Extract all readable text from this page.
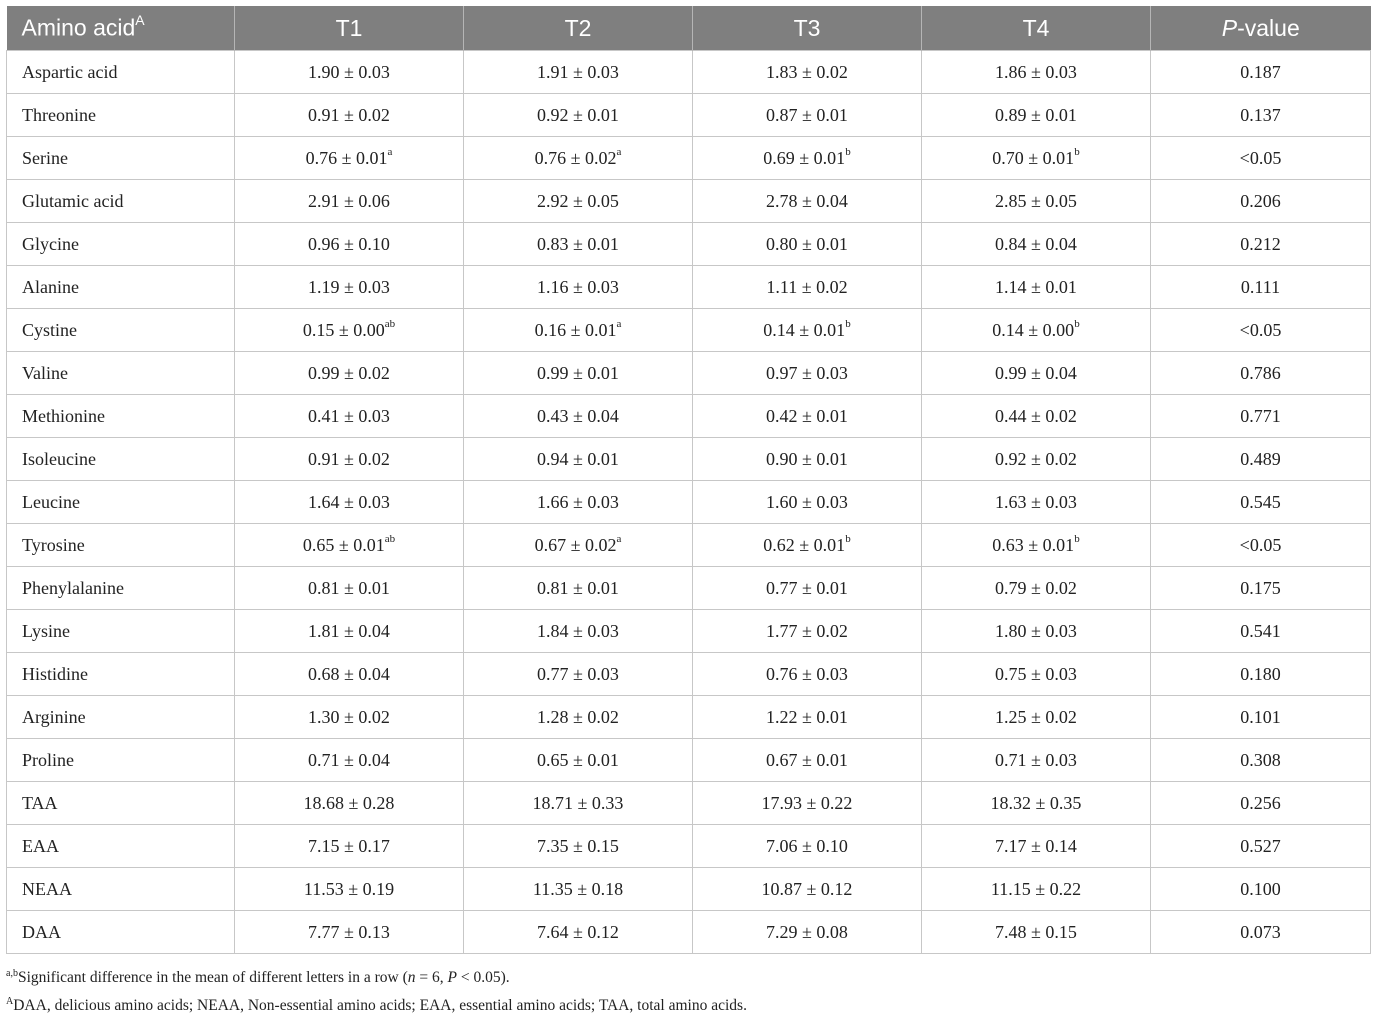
Amino acid$^A$	T1	T2	T3	T4	P-value
Aspartic acid	1.90 ± 0.03	1.91 ± 0.03	1.83 ± 0.02	1.86 ± 0.03	0.187
Threonine	0.91 ± 0.02	0.92 ± 0.01	0.87 ± 0.01	0.89 ± 0.01	0.137
Serine	0.76 ± 0.01$^a$	0.76 ± 0.02$^a$	0.69 ± 0.01$^b$	0.70 ± 0.01$^b$	<0.05
Glutamic acid	2.91 ± 0.06	2.92 ± 0.05	2.78 ± 0.04	2.85 ± 0.05	0.206
Glycine	0.96 ± 0.10	0.83 ± 0.01	0.80 ± 0.01	0.84 ± 0.04	0.212
Alanine	1.19 ± 0.03	1.16 ± 0.03	1.11 ± 0.02	1.14 ± 0.01	0.111
Cystine	0.15 ± 0.00$^{ab}$	0.16 ± 0.01$^a$	0.14 ± 0.01$^b$	0.14 ± 0.00$^b$	<0.05
Valine	0.99 ± 0.02	0.99 ± 0.01	0.97 ± 0.03	0.99 ± 0.04	0.786
Methionine	0.41 ± 0.03	0.43 ± 0.04	0.42 ± 0.01	0.44 ± 0.02	0.771
Isoleucine	0.91 ± 0.02	0.94 ± 0.01	0.90 ± 0.01	0.92 ± 0.02	0.489
Leucine	1.64 ± 0.03	1.66 ± 0.03	1.60 ± 0.03	1.63 ± 0.03	0.545
Tyrosine	0.65 ± 0.01$^{ab}$	0.67 ± 0.02$^a$	0.62 ± 0.01$^b$	0.63 ± 0.01$^b$	<0.05
Phenylalanine	0.81 ± 0.01	0.81 ± 0.01	0.77 ± 0.01	0.79 ± 0.02	0.175
Lysine	1.81 ± 0.04	1.84 ± 0.03	1.77 ± 0.02	1.80 ± 0.03	0.541
Histidine	0.68 ± 0.04	0.77 ± 0.03	0.76 ± 0.03	0.75 ± 0.03	0.180
Arginine	1.30 ± 0.02	1.28 ± 0.02	1.22 ± 0.01	1.25 ± 0.02	0.101
Proline	0.71 ± 0.04	0.65 ± 0.01	0.67 ± 0.01	0.71 ± 0.03	0.308
TAA	18.68 ± 0.28	18.71 ± 0.33	17.93 ± 0.22	18.32 ± 0.35	0.256
EAA	7.15 ± 0.17	7.35 ± 0.15	7.06 ± 0.10	7.17 ± 0.14	0.527
NEAA	11.53 ± 0.19	11.35 ± 0.18	10.87 ± 0.12	11.15 ± 0.22	0.100
DAA	7.77 ± 0.13	7.64 ± 0.12	7.29 ± 0.08	7.48 ± 0.15	0.073
$^{a,b}$Significant difference in the mean of different letters in a row (n = 6, P < 0.05).
$^A$DAA, delicious amino acids; NEAA, Non-essential amino acids; EAA, essential amino acids; TAA, total amino acids.
